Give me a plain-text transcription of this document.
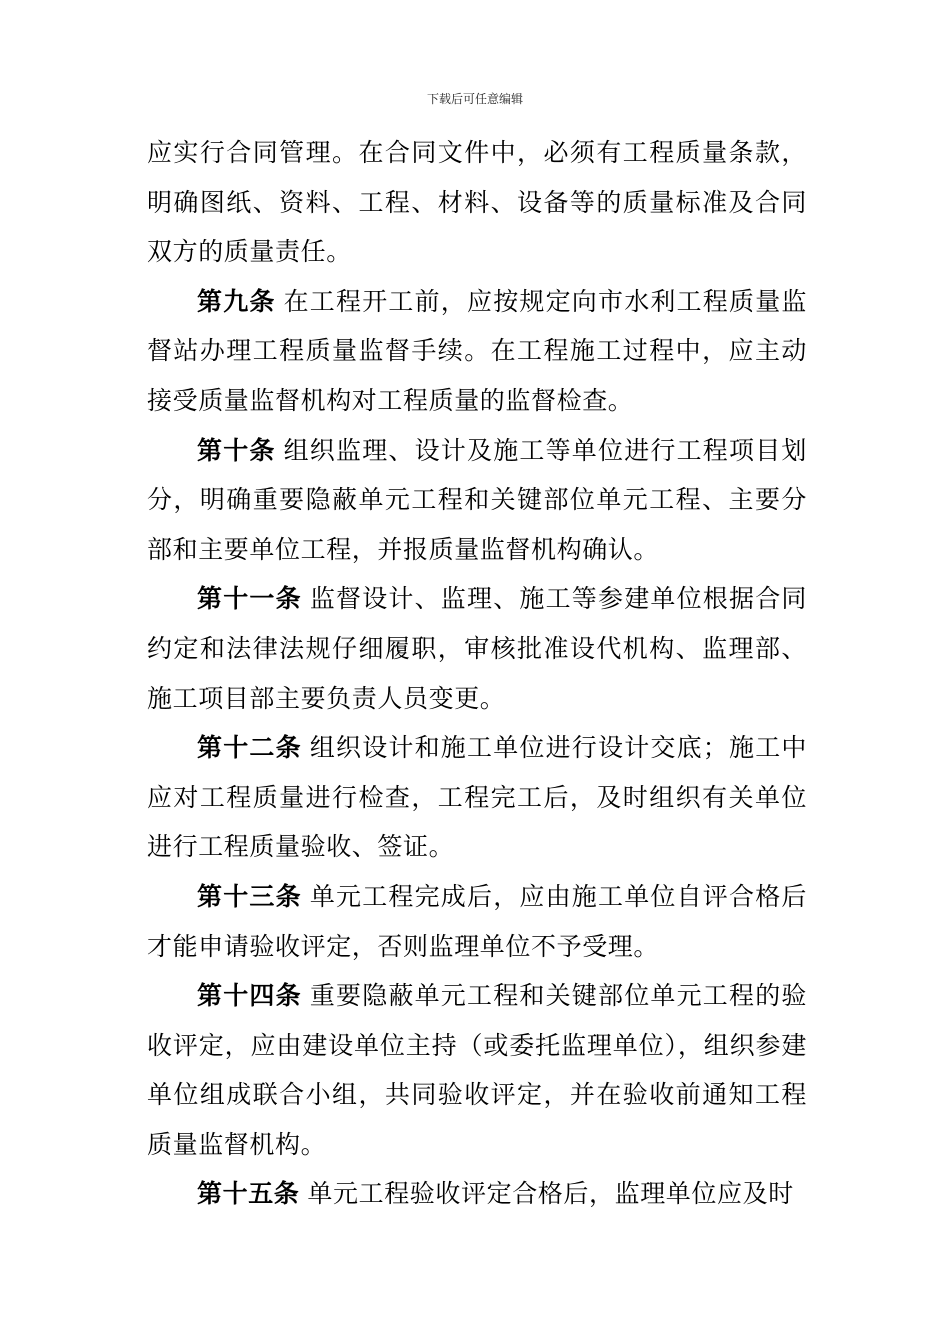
下载后可任意编辑

应实行合同管理。在合同文件中，必须有工程质量条款，明确图纸、资料、工程、材料、设备等的质量标准及合同双方的质量责任。

第九条 在工程开工前，应按规定向市水利工程质量监督站办理工程质量监督手续。在工程施工过程中，应主动接受质量监督机构对工程质量的监督检查。

第十条 组织监理、设计及施工等单位进行工程项目划分，明确重要隐蔽单元工程和关键部位单元工程、主要分部和主要单位工程，并报质量监督机构确认。

第十一条 监督设计、监理、施工等参建单位根据合同约定和法律法规仔细履职，审核批准设代机构、监理部、施工项目部主要负责人员变更。

第十二条 组织设计和施工单位进行设计交底；施工中应对工程质量进行检查，工程完工后，及时组织有关单位进行工程质量验收、签证。

第十三条 单元工程完成后，应由施工单位自评合格后才能申请验收评定，否则监理单位不予受理。

第十四条 重要隐蔽单元工程和关键部位单元工程的验收评定，应由建设单位主持（或委托监理单位），组织参建单位组成联合小组，共同验收评定，并在验收前通知工程质量监督机构。

第十五条 单元工程验收评定合格后，监理单位应及时
